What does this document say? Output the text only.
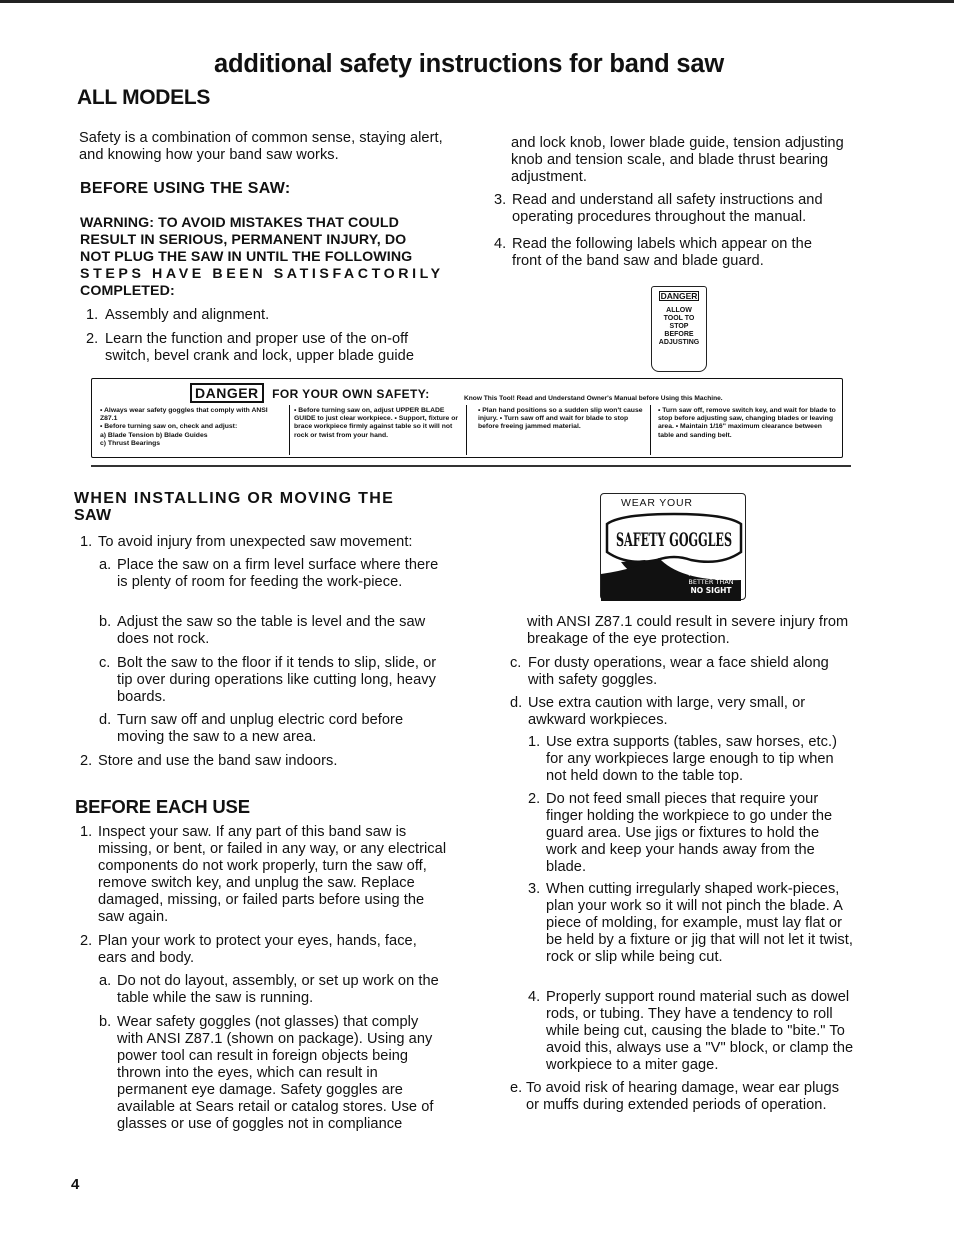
additional safety instructions for band saw
ALL MODELS
Safety is a combination of common sense, staying alert, and knowing how your band saw works.
BEFORE USING THE SAW:
WARNING: TO AVOID MISTAKES THAT COULD
RESULT IN SERIOUS, PERMANENT INJURY, DO
NOT PLUG THE SAW IN UNTIL THE FOLLOWING
STEPS HAVE BEEN SATISFACTORILY
COMPLETED:
1. Assembly and alignment.
2. Learn the function and proper use of the on-off switch, bevel crank and lock, upper blade guide
and lock knob, lower blade guide, tension adjusting knob and tension scale, and blade thrust bearing adjustment.
3. Read and understand all safety instructions and operating procedures throughout the manual.
4. Read the following labels which appear on the front of the band saw and blade guard.
DANGER
ALLOW
TOOL TO
STOP
BEFORE
ADJUSTING
DANGER FOR YOUR OWN SAFETY:	Know This Tool! Read and Understand Owner's Manual before Using this Machine.
• Always wear safety goggles that comply with ANSI Z87.1
• Before turning saw on, check and adjust:
a) Blade Tension b) Blade Guides
c) Thrust Bearings
• Before turning saw on, adjust UPPER BLADE GUIDE to just clear workpiece. • Support, fixture or brace workpiece firmly against table so it will not rock or twist from your hand.
• Plan hand positions so a sudden slip won't cause injury. • Turn saw off and wait for blade to stop before freeing jammed material.
• Turn saw off, remove switch key, and wait for blade to stop before adjusting saw, changing blades or leaving area. • Maintain 1/16" maximum clearance between table and sanding belt.
WHEN INSTALLING OR MOVING THE
SAW
1. To avoid injury from unexpected saw movement:
a. Place the saw on a firm level surface where there is plenty of room for feeding the work-piece.
b. Adjust the saw so the table is level and the saw does not rock.
c. Bolt the saw to the floor if it tends to slip, slide, or tip over during operations like cutting long, heavy boards.
d. Turn saw off and unplug electric cord before moving the saw to a new area.
2. Store and use the band saw indoors.
BEFORE EACH USE
1. Inspect your saw. If any part of this band saw is missing, or bent, or failed in any way, or any electrical components do not work properly, turn the saw off, remove switch key, and unplug the saw. Replace damaged, missing, or failed parts before using the saw again.
2. Plan your work to protect your eyes, hands, face, ears and body.
a. Do not do layout, assembly, or set up work on the table while the saw is running.
b. Wear safety goggles (not glasses) that comply with ANSI Z87.1 (shown on package). Using any power tool can result in foreign objects being thrown into the eyes, which can result in permanent eye damage. Safety goggles are available at Sears retail or catalog stores. Use of glasses or use of goggles not in compliance
WEAR YOUR
SAFETY GOGGLES
FORESIGHT IS
BETTER THAN
NO SIGHT
with ANSI Z87.1 could result in severe injury from breakage of the eye protection.
c. For dusty operations, wear a face shield along with safety goggles.
d. Use extra caution with large, very small, or awkward workpieces.
1. Use extra supports (tables, saw horses, etc.) for any workpieces large enough to tip when not held down to the table top.
2. Do not feed small pieces that require your finger holding the workpiece to go under the guard area. Use jigs or fixtures to hold the work and keep your hands away from the blade.
3. When cutting irregularly shaped work-pieces, plan your work so it will not pinch the blade. A piece of molding, for example, must lay flat or be held by a fixture or jig that will not let it twist, rock or slip while being cut.
4. Properly support round material such as dowel rods, or tubing. They have a tendency to roll while being cut, causing the blade to "bite." To avoid this, always use a "V" block, or clamp the workpiece to a miter gage.
e. To avoid risk of hearing damage, wear ear plugs or muffs during extended periods of operation.
4
